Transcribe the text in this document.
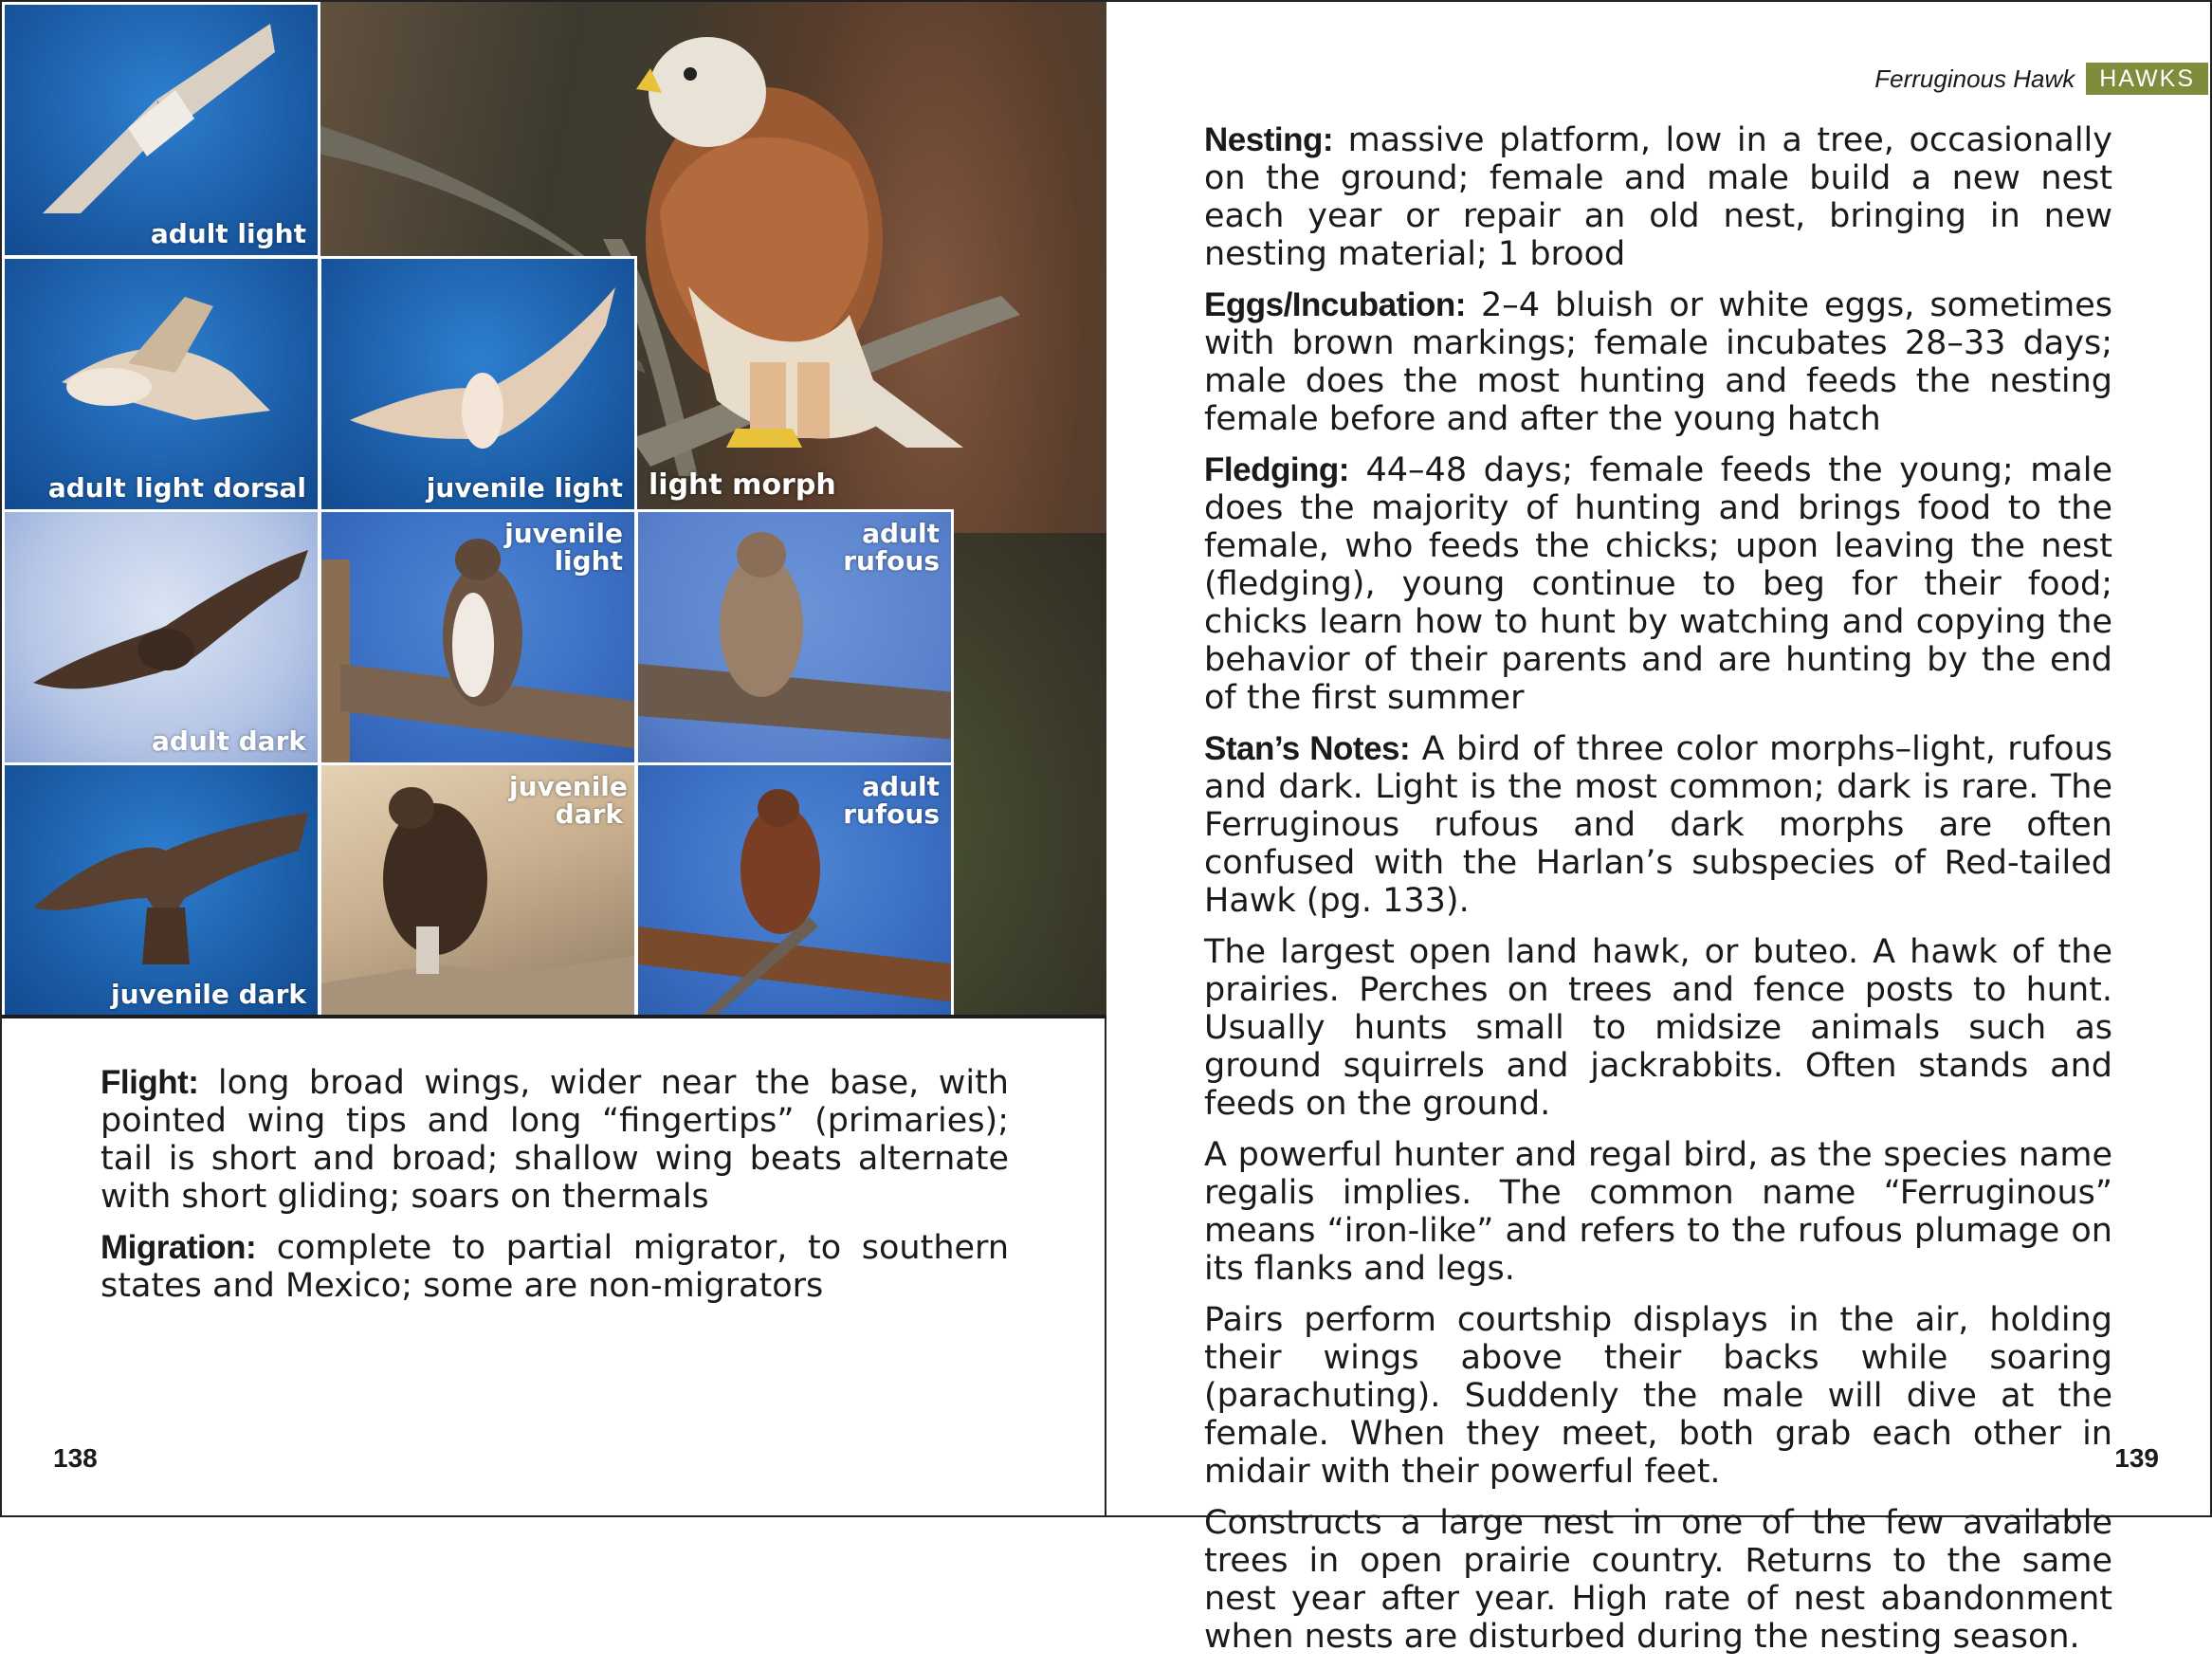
adult light
adult light dorsal	juvenile light light morph
adult dark
juvenile light
adult rufous
juvenile dark
juvenile dark
adult rufous

Flight: long broad wings, wider near the base, with pointed wing tips and long “fingertips” (primaries); tail is short and broad; shallow wing beats alternate with short gliding; soars on thermals

Migration: complete to partial migrator, to southern states and Mexico; some are non-migrators

138
Ferruginous Hawk	HAWKS

Nesting: massive platform, low in a tree, occasionally on the ground; female and male build a new nest each year or repair an old nest, bringing in new nesting material; 1 brood

Eggs/Incubation: 2–4 bluish or white eggs, sometimes with brown markings; female incubates 28–33 days; male does the most hunting and feeds the nesting female before and after the young hatch

Fledging: 44–48 days; female feeds the young; male does the majority of hunting and brings food to the female, who feeds the chicks; upon leaving the nest (fledging), young continue to beg for their food; chicks learn how to hunt by watching and copying the behavior of their parents and are hunting by the end of the first summer

Stan’s Notes: A bird of three color morphs–light, rufous and dark. Light is the most common; dark is rare. The Ferruginous rufous and dark morphs are often confused with the Harlan’s subspecies of Red-tailed Hawk (pg. 133).

The largest open land hawk, or buteo. A hawk of the prairies. Perches on trees and fence posts to hunt. Usually hunts small to midsize animals such as ground squirrels and jackrabbits. Often stands and feeds on the ground.

A powerful hunter and regal bird, as the species name regalis implies. The common name “Ferruginous” means “iron-like” and refers to the rufous plumage on its flanks and legs.

Pairs perform courtship displays in the air, holding their wings above their backs while soaring (parachuting). Suddenly the male will dive at the female. When they meet, both grab each other in midair with their powerful feet.

Constructs a large nest in one of the few available trees in open prairie country. Returns to the same nest year after year. High rate of nest abandonment when nests are disturbed during the nesting season.

139
